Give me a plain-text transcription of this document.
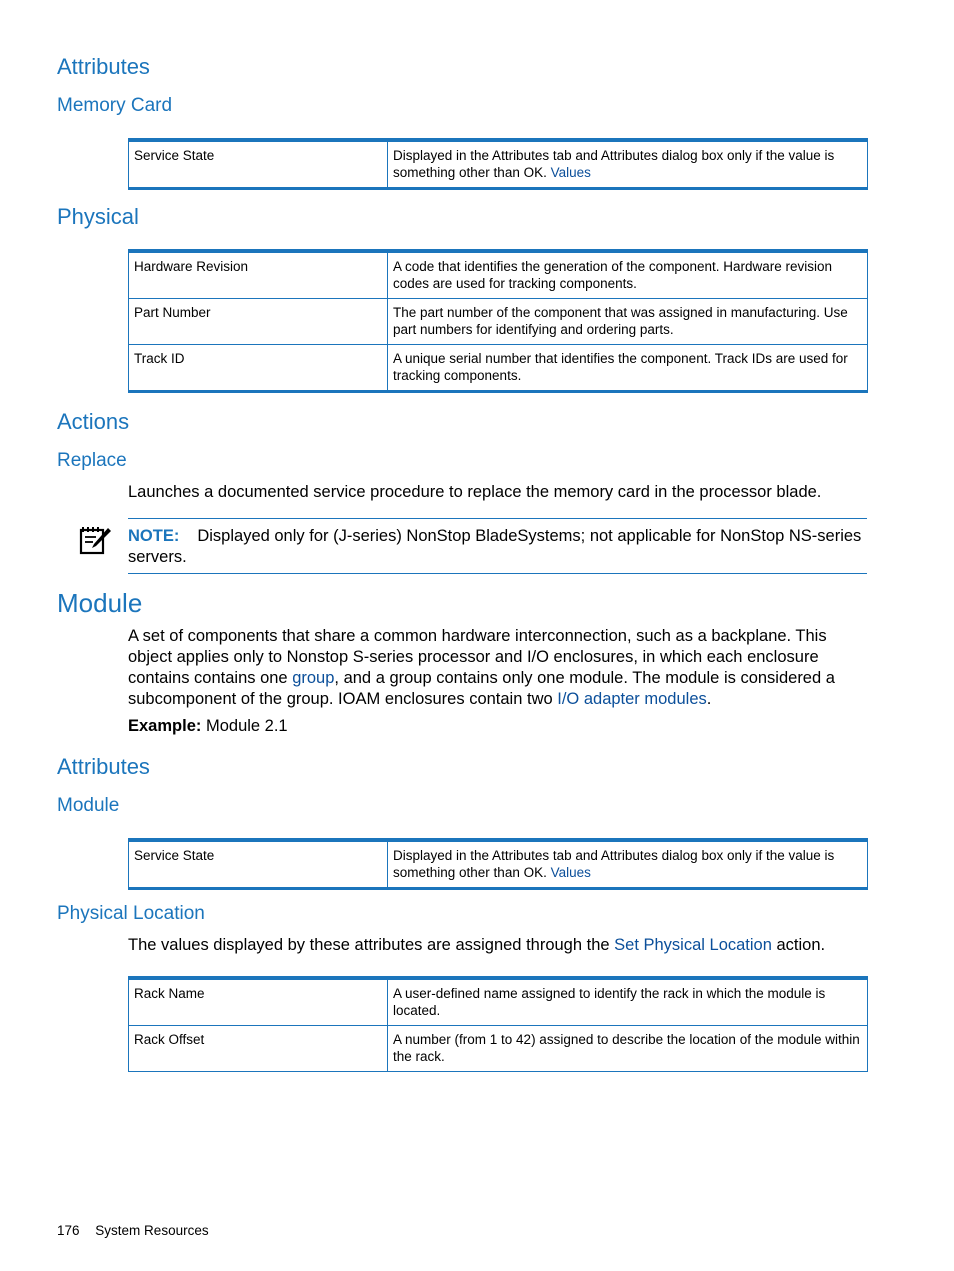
Attributes
Memory Card
Service State	Displayed in the Attributes tab and Attributes dialog box only if the value is something other than OK. Values
Physical
Hardware Revision	A code that identifies the generation of the component. Hardware revision codes are used for tracking components.
Part Number	The part number of the component that was assigned in manufacturing. Use part numbers for identifying and ordering parts.
Track ID	A unique serial number that identifies the component. Track IDs are used for tracking components.
Actions
Replace
Launches a documented service procedure to replace the memory card in the processor blade.
NOTE: Displayed only for (J-series) NonStop BladeSystems; not applicable for NonStop NS-series servers.
Module
A set of components that share a common hardware interconnection, such as a backplane. This object applies only to Nonstop S-series processor and I/O enclosures, in which each enclosure contains contains one group, and a group contains only one module. The module is considered a subcomponent of the group. IOAM enclosures contain two I/O adapter modules.
Example: Module 2.1
Attributes
Module
Service State	Displayed in the Attributes tab and Attributes dialog box only if the value is something other than OK. Values
Physical Location
The values displayed by these attributes are assigned through the Set Physical Location action.
Rack Name	A user-defined name assigned to identify the rack in which the module is located.
Rack Offset	A number (from 1 to 42) assigned to describe the location of the module within the rack.
176 System Resources
